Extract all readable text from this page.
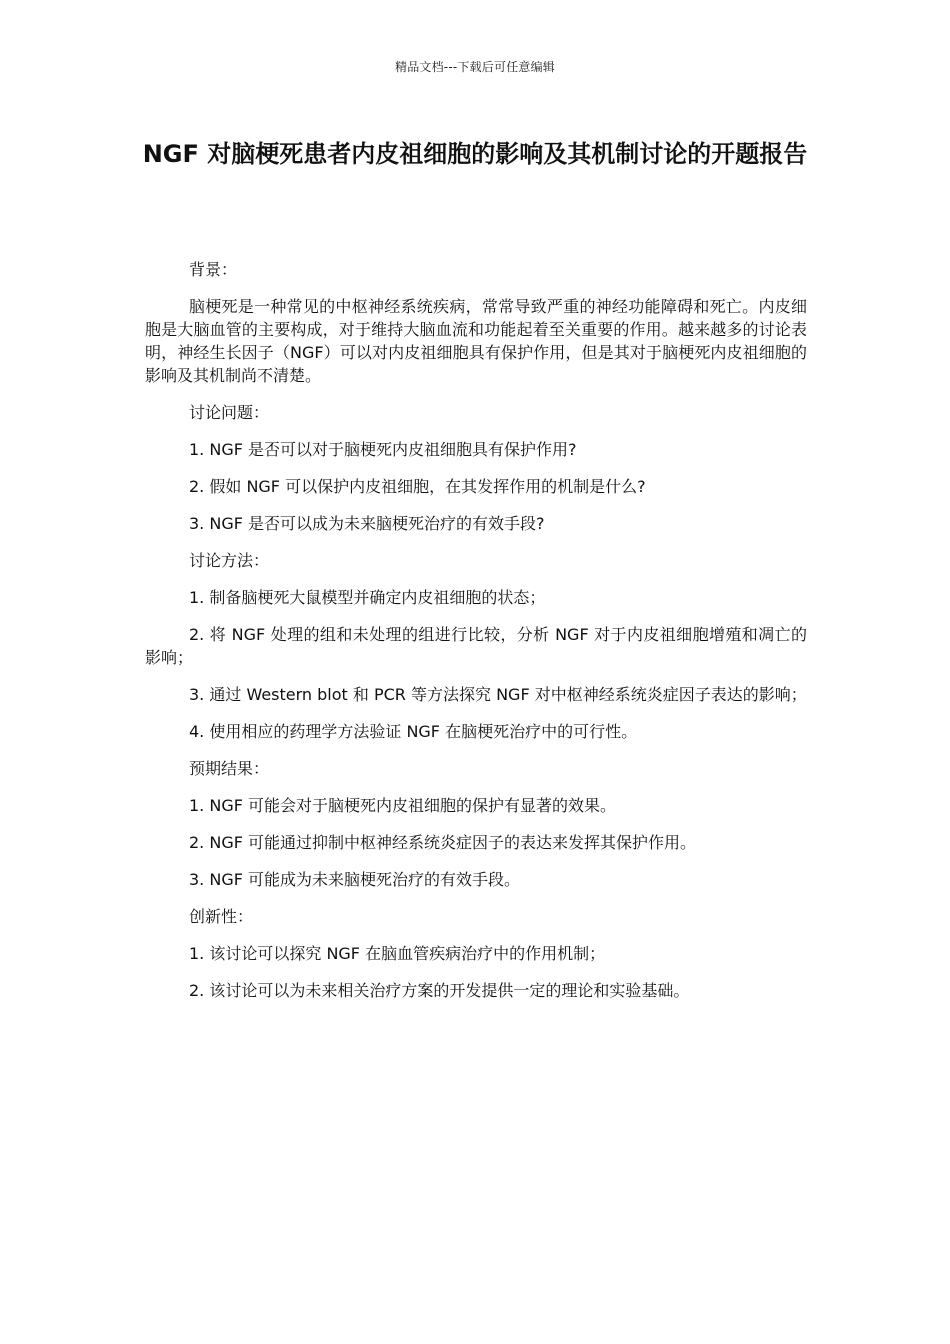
精品文档---下载后可任意编辑
NGF 对脑梗死患者内皮祖细胞的影响及其机制讨论的开题报告

背景：

脑梗死是一种常见的中枢神经系统疾病，常常导致严重的神经功能障碍和死亡。内皮细胞是大脑血管的主要构成，对于维持大脑血流和功能起着至关重要的作用。越来越多的讨论表明，神经生长因子（NGF）可以对内皮祖细胞具有保护作用，但是其对于脑梗死内皮祖细胞的影响及其机制尚不清楚。

讨论问题：

1. NGF 是否可以对于脑梗死内皮祖细胞具有保护作用?

2. 假如 NGF 可以保护内皮祖细胞，在其发挥作用的机制是什么?

3. NGF 是否可以成为未来脑梗死治疗的有效手段?

讨论方法：

1. 制备脑梗死大鼠模型并确定内皮祖细胞的状态；

2. 将 NGF 处理的组和未处理的组进行比较，分析 NGF 对于内皮祖细胞增殖和凋亡的影响；

3. 通过 Western blot 和 PCR 等方法探究 NGF 对中枢神经系统炎症因子表达的影响；

4. 使用相应的药理学方法验证 NGF 在脑梗死治疗中的可行性。

预期结果：

1. NGF 可能会对于脑梗死内皮祖细胞的保护有显著的效果。

2. NGF 可能通过抑制中枢神经系统炎症因子的表达来发挥其保护作用。

3. NGF 可能成为未来脑梗死治疗的有效手段。

创新性：

1. 该讨论可以探究 NGF 在脑血管疾病治疗中的作用机制；

2. 该讨论可以为未来相关治疗方案的开发提供一定的理论和实验基础。
